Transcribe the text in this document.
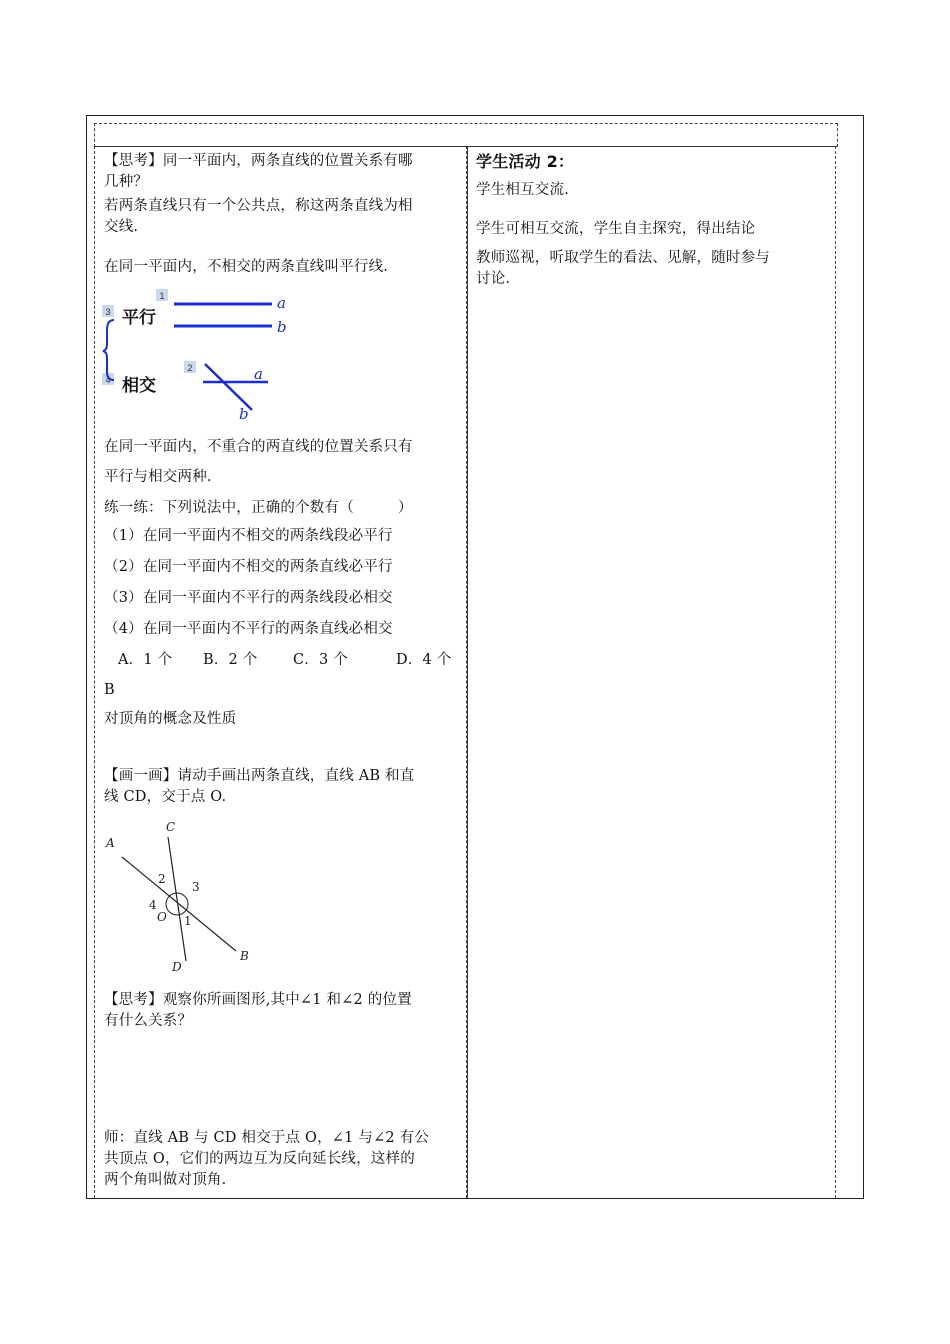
【思考】同一平面内，两条直线的位置关系有哪
几种？
若两条直线只有一个公共点，称这两条直线为相
交线.
在同一平面内，不相交的两条直线叫平行线.
1
3
2
4
平行
相交
a
b
a
b
在同一平面内，不重合的两直线的位置关系只有
平行与相交两种.
练一练：下列说法中，正确的个数有（　　　）
（1）在同一平面内不相交的两条线段必平行
（2）在同一平面内不相交的两条直线必平行
（3）在同一平面内不平行的两条线段必相交
（4）在同一平面内不平行的两条直线必相交
A．1 个 B．2 个 C．3 个	D．4 个
B
对顶角的概念及性质
【画一画】请动手画出两条直线，直线 AB 和直
线 CD，交于点 O.
A
C
B
D
O 1
2
3
4
【思考】观察你所画图形,其中∠1 和∠2 的位置
有什么关系？
师：直线 AB 与 CD 相交于点 O，∠1 与∠2 有公
共顶点 O，它们的两边互为反向延长线，这样的
两个角叫做对顶角.
学生活动 2：
学生相互交流.
学生可相互交流，学生自主探究，得出结论
教师巡视，听取学生的看法、见解，随时参与
讨论.
